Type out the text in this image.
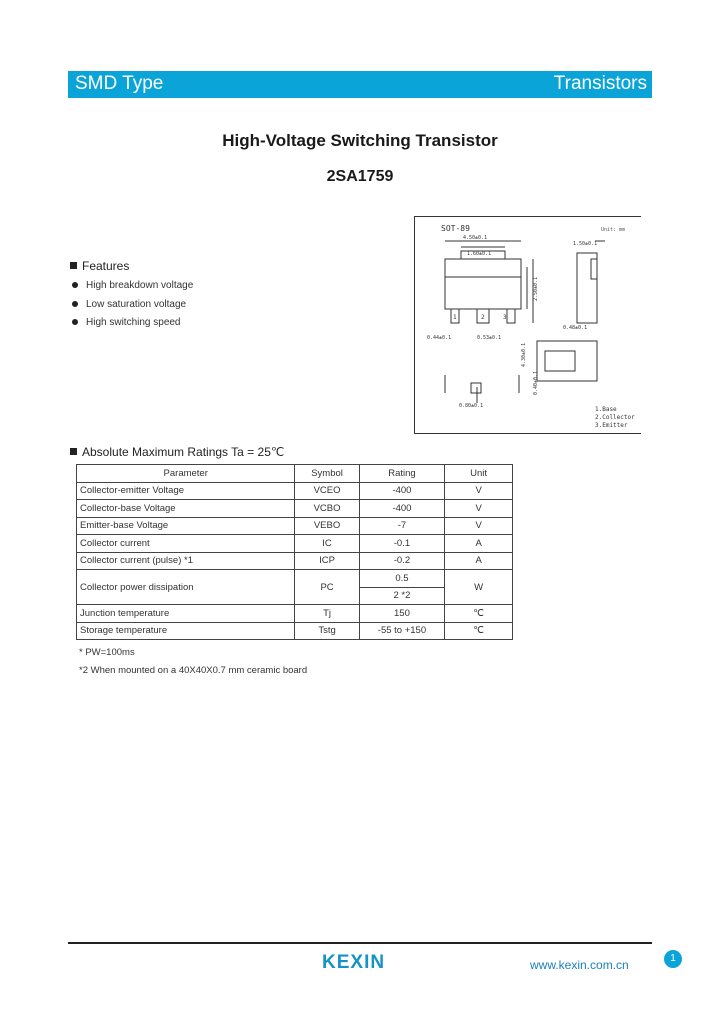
SMD Type	Transistors
High-Voltage Switching Transistor
2SA1759
SOT-89	Unit: mm
4.50±0.1
1.60±0.1
2.50±0.1
1	2	3
0.44±0.1	0.53±0.1
1.50±0.1
0.48±0.1
4.30±0.1
0.80±0.1
0.40±0.1
1.Base
2.Collector
3.Emitter
Features
High breakdown voltage
Low saturation voltage
High switching speed
Absolute Maximum Ratings Ta = 25℃
Parameter	Symbol	Rating	Unit
Collector-emitter Voltage	VCEO	-400	V
Collector-base Voltage	VCBO	-400	V
Emitter-base Voltage	VEBO	-7	V
Collector current	IC	-0.1	A
Collector current (pulse) *1	ICP	-0.2	A
Collector power dissipation	PC	0.5	W
		2 *2	
Junction temperature	Tj	150	℃
Storage temperature	Tstg	-55 to +150	℃
* PW=100ms
*2 When mounted on a 40X40X0.7 mm ceramic board
KEXIN	www.kexin.com.cn	1
